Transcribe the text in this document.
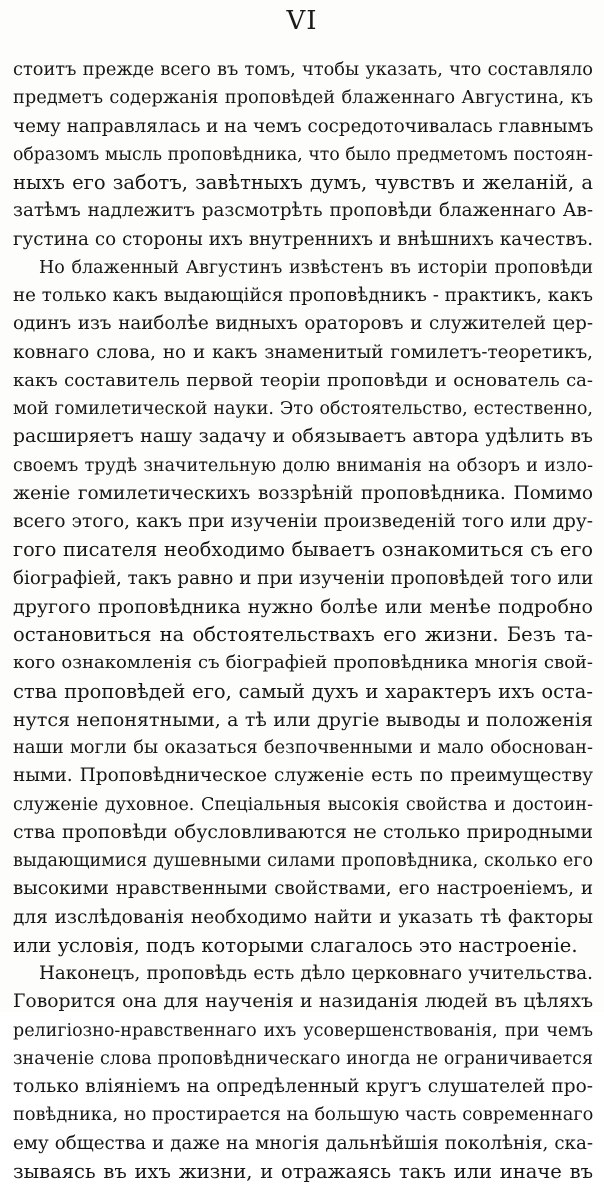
VI
стоитъ прежде всего въ томъ, чтобы указать, что составляло
предметъ содержанія проповѣдей блаженнаго Августина, къ
чему направлялась и на чемъ сосредоточивалась главнымъ
образомъ мысль проповѣдника, что было предметомъ постоян-
ныхъ его заботъ, завѣтныхъ думъ, чувствъ и желаній, а
затѣмъ надлежитъ разсмотрѣть проповѣди блаженнаго Ав-
густина со стороны ихъ внутреннихъ и внѣшнихъ качествъ.
Но блаженный Августинъ извѣстенъ въ исторіи проповѣди
не только какъ выдающійся проповѣдникъ - практикъ, какъ
одинъ изъ наиболѣе видныхъ ораторовъ и служителей цер-
ковнаго слова, но и какъ знаменитый гомилетъ-теоретикъ,
какъ составитель первой теоріи проповѣди и основатель са-
мой гомилетической науки. Это обстоятельство, естественно,
расширяетъ нашу задачу и обязываетъ автора удѣлить въ
своемъ трудѣ значительную долю вниманія на обзоръ и изло-
женіе гомилетическихъ воззрѣній проповѣдника. Помимо
всего этого, какъ при изученіи произведеній того или дру-
гого писателя необходимо бываетъ ознакомиться съ его
біографіей, такъ равно и при изученіи проповѣдей того или
другого проповѣдника нужно болѣе или менѣе подробно
остановиться на обстоятельствахъ его жизни. Безъ та-
кого ознакомленія съ біографіей проповѣдника многія свой-
ства проповѣдей его, самый духъ и характеръ ихъ оста-
нутся непонятными, а тѣ или другіе выводы и положенія
наши могли бы оказаться безпочвенными и мало обоснован-
ными. Проповѣдническое служеніе есть по преимуществу
служеніе духовное. Спеціальныя высокія свойства и достоин-
ства проповѣди обусловливаются не столько природными
выдающимися душевными силами проповѣдника, сколько его
высокими нравственными свойствами, его настроеніемъ, и
для изслѣдованія необходимо найти и указать тѣ факторы
или условія, подъ которыми слагалось это настроеніе.
Наконецъ, проповѣдь есть дѣло церковнаго учительства.
Говорится она для наученія и назиданія людей въ цѣляхъ
религіозно-нравственнаго ихъ усовершенствованія, при чемъ
значеніе слова проповѣдническаго иногда не ограничивается
только вліяніемъ на опредѣленный кругъ слушателей про-
повѣдника, но простирается на большую часть современнаго
ему общества и даже на многія дальнѣйшія поколѣнія, ска-
зываясь въ ихъ жизни, и отражаясь такъ или иначе въ
